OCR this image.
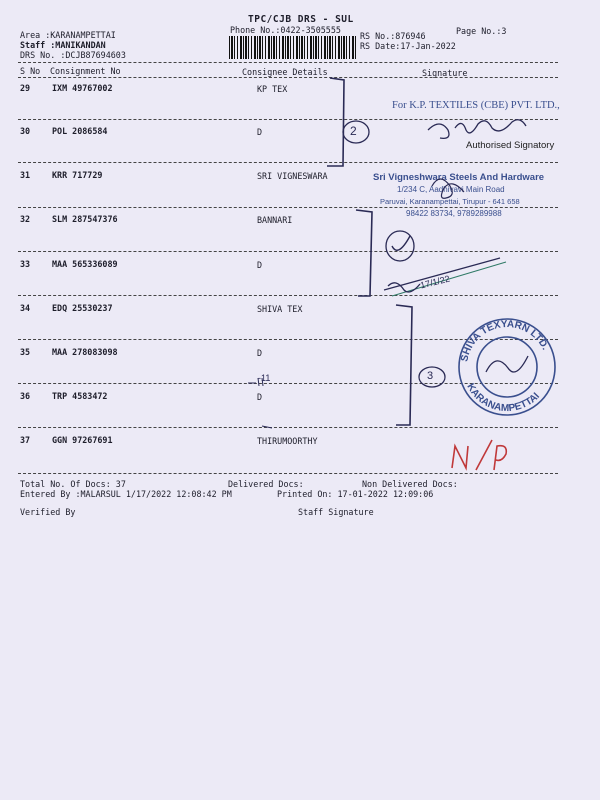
TPC/CJB DRS - SUL
Phone No.:0422-3505555
Area :KARANAMPETTAI
Staff :MANIKANDAN
DRS No. :DCJB87694603
RS No.:876946
RS Date:17-Jan-2022
Page No.:3
S No Consignment No	Consignee Details	Signature
29	IXM 49767002	KP TEX
30	POL 2086584	D
31	KRR 717729	SRI VIGNESWARA
32	SLM 287547376	BANNARI
33	MAA 565336089	D
34	EDQ 25530237	SHIVA TEX
35	MAA 278083098	D
36	TRP 4583472	D
37	GGN 97267691	THIRUMOORTHY
Total No. Of Docs: 37	Delivered Docs:	Non Delivered Docs:
Entered By :MALARSUL 1/17/2022 12:08:42 PM	Printed On: 17-01-2022 12:09:06
Verified By	Staff Signature
For K.P. TEXTILES (CBE) PVT. LTD.,
Authorised Signatory
Sri Vigneshwara Steels And Hardware
1/234 C, Aadhivavi Main Road
Paruvai, Karanampettai, Tirupur - 641 658
98422 83734, 9789289988
SHIVA TEXYARN LTD.
KARANAMPETTAI
2
3
17/1/22
-11
